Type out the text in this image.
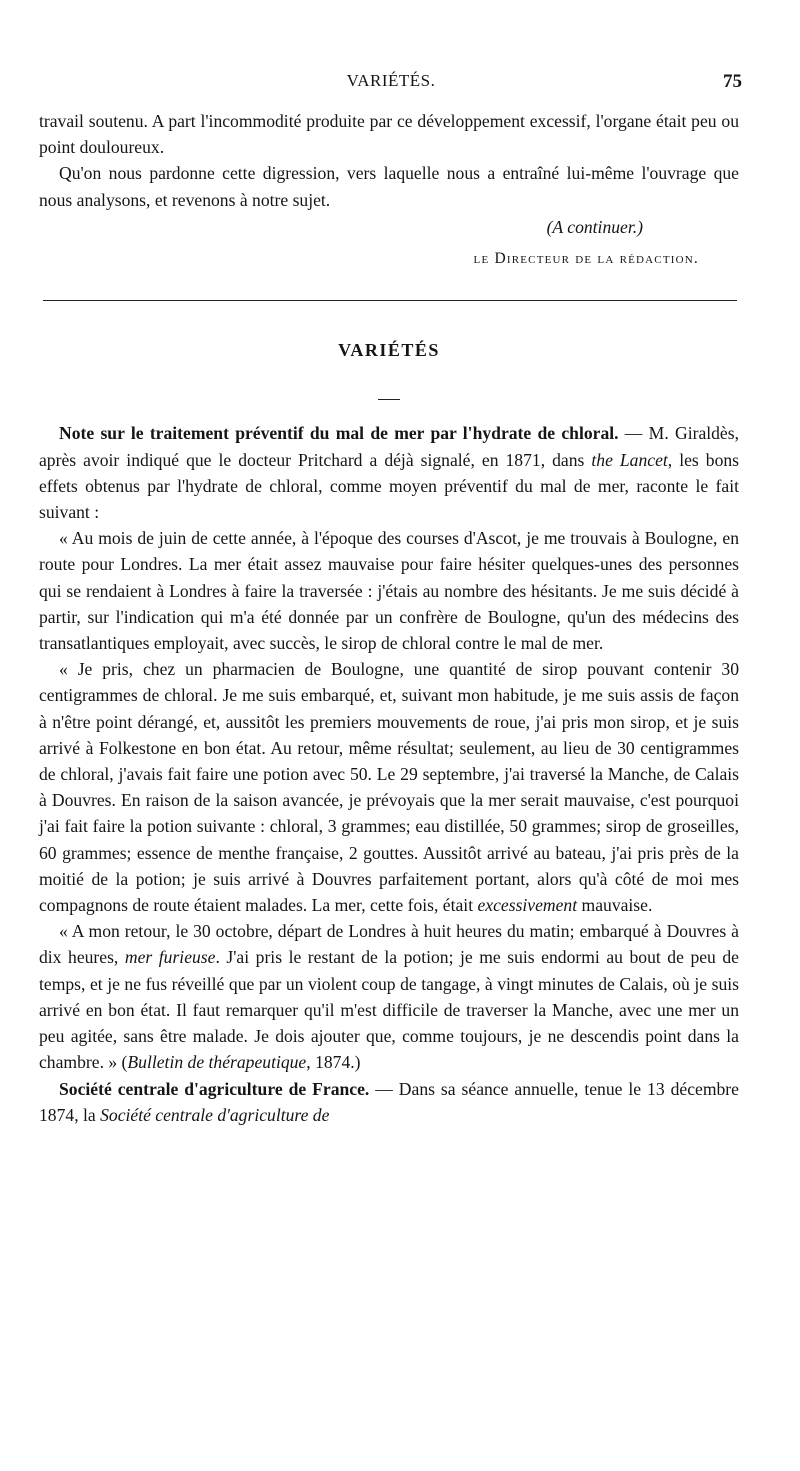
VARIÉTÉS.	75

travail soutenu. A part l'incommodité produite par ce développement excessif, l'organe était peu ou point douloureux.

Qu'on nous pardonne cette digression, vers laquelle nous a entraîné lui-même l'ouvrage que nous analysons, et revenons à notre sujet.

(A continuer.)

le Directeur de la rédaction.

VARIÉTÉS

Note sur le traitement préventif du mal de mer par l'hydrate de chloral. — M. Giraldès, après avoir indiqué que le docteur Pritchard a déjà signalé, en 1871, dans the Lancet, les bons effets obtenus par l'hydrate de chloral, comme moyen préventif du mal de mer, raconte le fait suivant :

« Au mois de juin de cette année, à l'époque des courses d'Ascot, je me trouvais à Boulogne, en route pour Londres. La mer était assez mauvaise pour faire hésiter quelques-unes des personnes qui se rendaient à Londres à faire la traversée : j'étais au nombre des hésitants. Je me suis décidé à partir, sur l'indication qui m'a été donnée par un confrère de Boulogne, qu'un des médecins des transatlantiques employait, avec succès, le sirop de chloral contre le mal de mer.

« Je pris, chez un pharmacien de Boulogne, une quantité de sirop pouvant contenir 30 centigrammes de chloral. Je me suis embarqué, et, suivant mon habitude, je me suis assis de façon à n'être point dérangé, et, aussitôt les premiers mouvements de roue, j'ai pris mon sirop, et je suis arrivé à Folkestone en bon état. Au retour, même résultat; seulement, au lieu de 30 centigrammes de chloral, j'avais fait faire une potion avec 50. Le 29 septembre, j'ai traversé la Manche, de Calais à Douvres. En raison de la saison avancée, je prévoyais que la mer serait mauvaise, c'est pourquoi j'ai fait faire la potion suivante : chloral, 3 grammes; eau distillée, 50 grammes; sirop de groseilles, 60 grammes; essence de menthe française, 2 gouttes. Aussitôt arrivé au bateau, j'ai pris près de la moitié de la potion; je suis arrivé à Douvres parfaitement portant, alors qu'à côté de moi mes compagnons de route étaient malades. La mer, cette fois, était excessivement mauvaise.

« A mon retour, le 30 octobre, départ de Londres à huit heures du matin; embarqué à Douvres à dix heures, mer furieuse. J'ai pris le restant de la potion; je me suis endormi au bout de peu de temps, et je ne fus réveillé que par un violent coup de tangage, à vingt minutes de Calais, où je suis arrivé en bon état. Il faut remarquer qu'il m'est difficile de traverser la Manche, avec une mer un peu agitée, sans être malade. Je dois ajouter que, comme toujours, je ne descendis point dans la chambre. » (Bulletin de thérapeutique, 1874.)

Société centrale d'agriculture de France. — Dans sa séance annuelle, tenue le 13 décembre 1874, la Société centrale d'agriculture de
